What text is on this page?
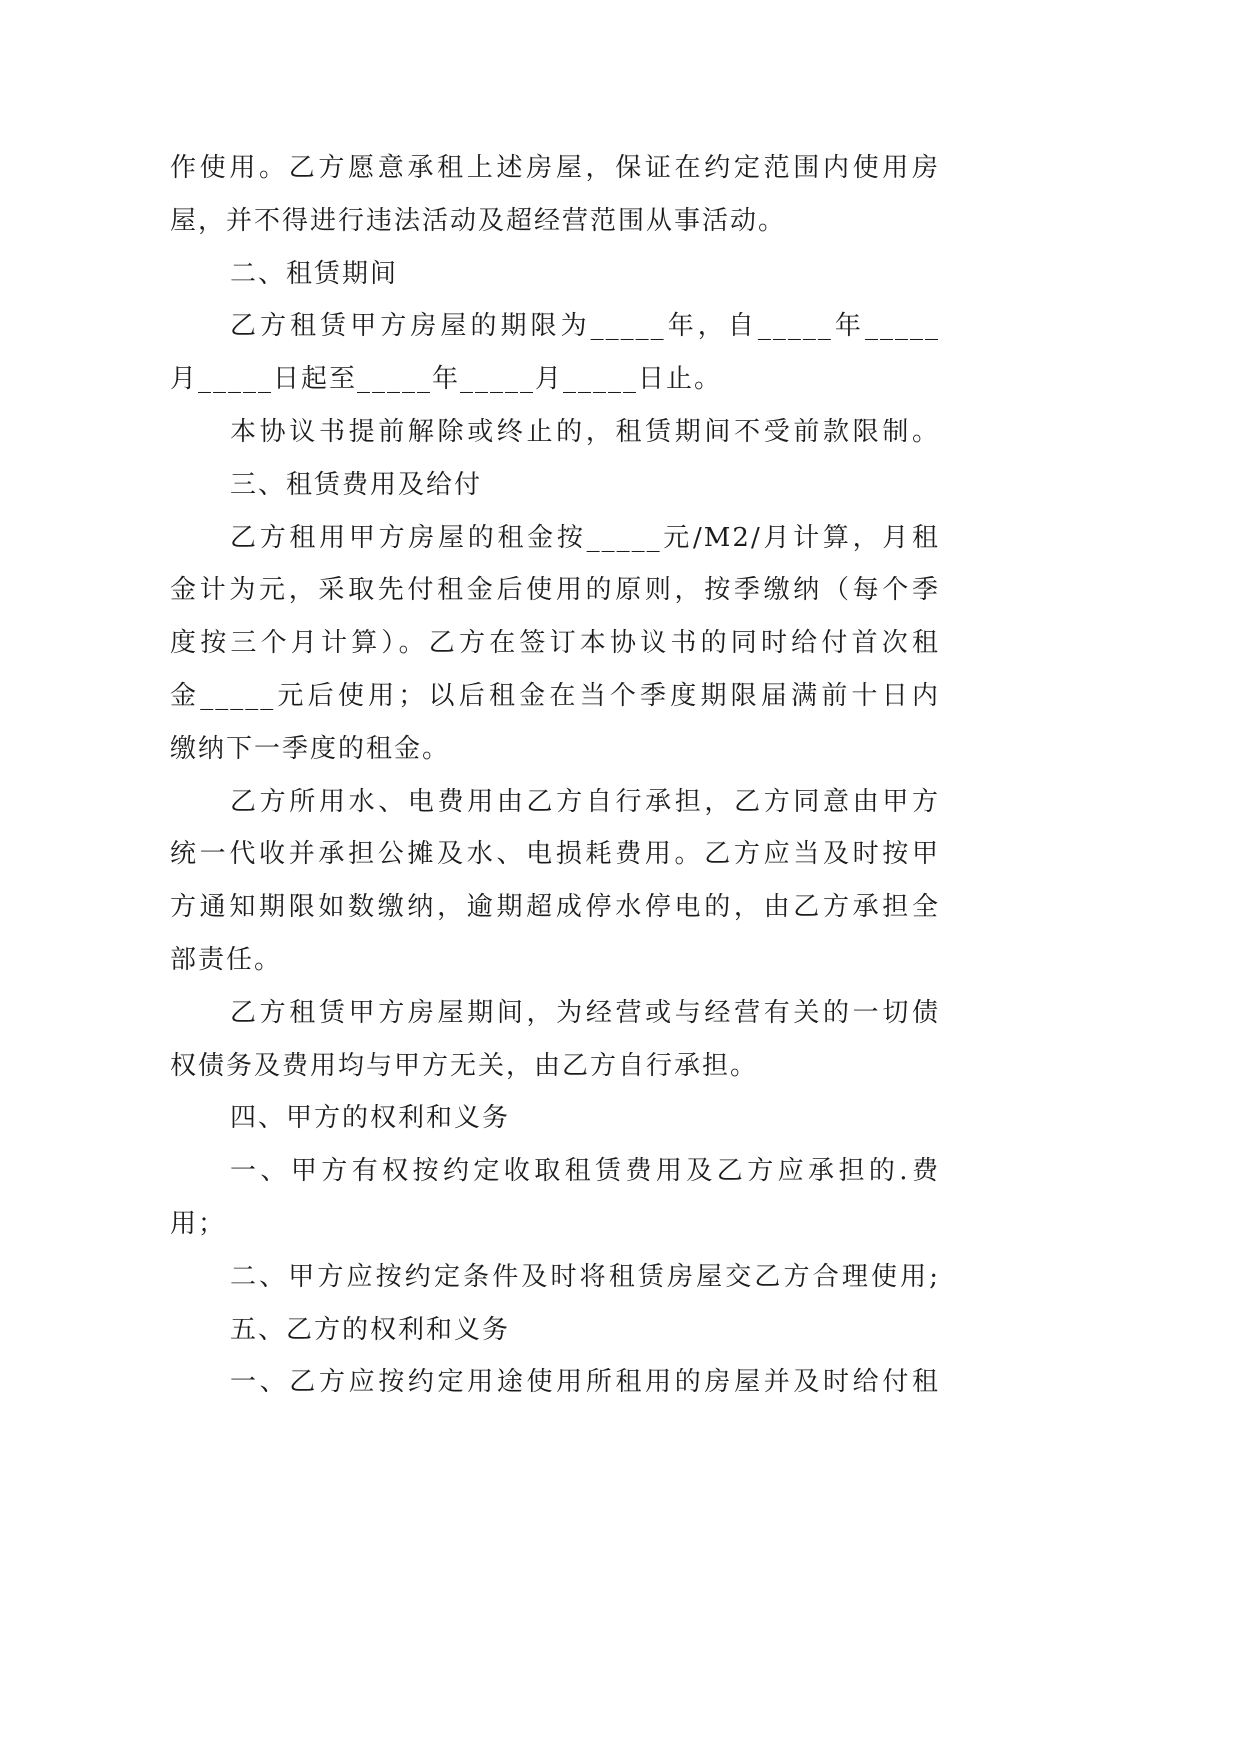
作使用。乙方愿意承租上述房屋，保证在约定范围内使用房
屋，并不得进行违法活动及超经营范围从事活动。
二、租赁期间
乙方租赁甲方房屋的期限为_____年，自_____年_____
月_____日起至_____年_____月_____日止。
本协议书提前解除或终止的，租赁期间不受前款限制。
三、租赁费用及给付
乙方租用甲方房屋的租金按_____元/M2/月计算，月租
金计为元，采取先付租金后使用的原则，按季缴纳（每个季
度按三个月计算）。乙方在签订本协议书的同时给付首次租
金_____元后使用；以后租金在当个季度期限届满前十日内
缴纳下一季度的租金。
乙方所用水、电费用由乙方自行承担，乙方同意由甲方
统一代收并承担公摊及水、电损耗费用。乙方应当及时按甲
方通知期限如数缴纳，逾期超成停水停电的，由乙方承担全
部责任。
乙方租赁甲方房屋期间，为经营或与经营有关的一切债
权债务及费用均与甲方无关，由乙方自行承担。
四、甲方的权利和义务
一、甲方有权按约定收取租赁费用及乙方应承担的.费
用；
二、甲方应按约定条件及时将租赁房屋交乙方合理使用;
五、乙方的权利和义务
一、乙方应按约定用途使用所租用的房屋并及时给付租
